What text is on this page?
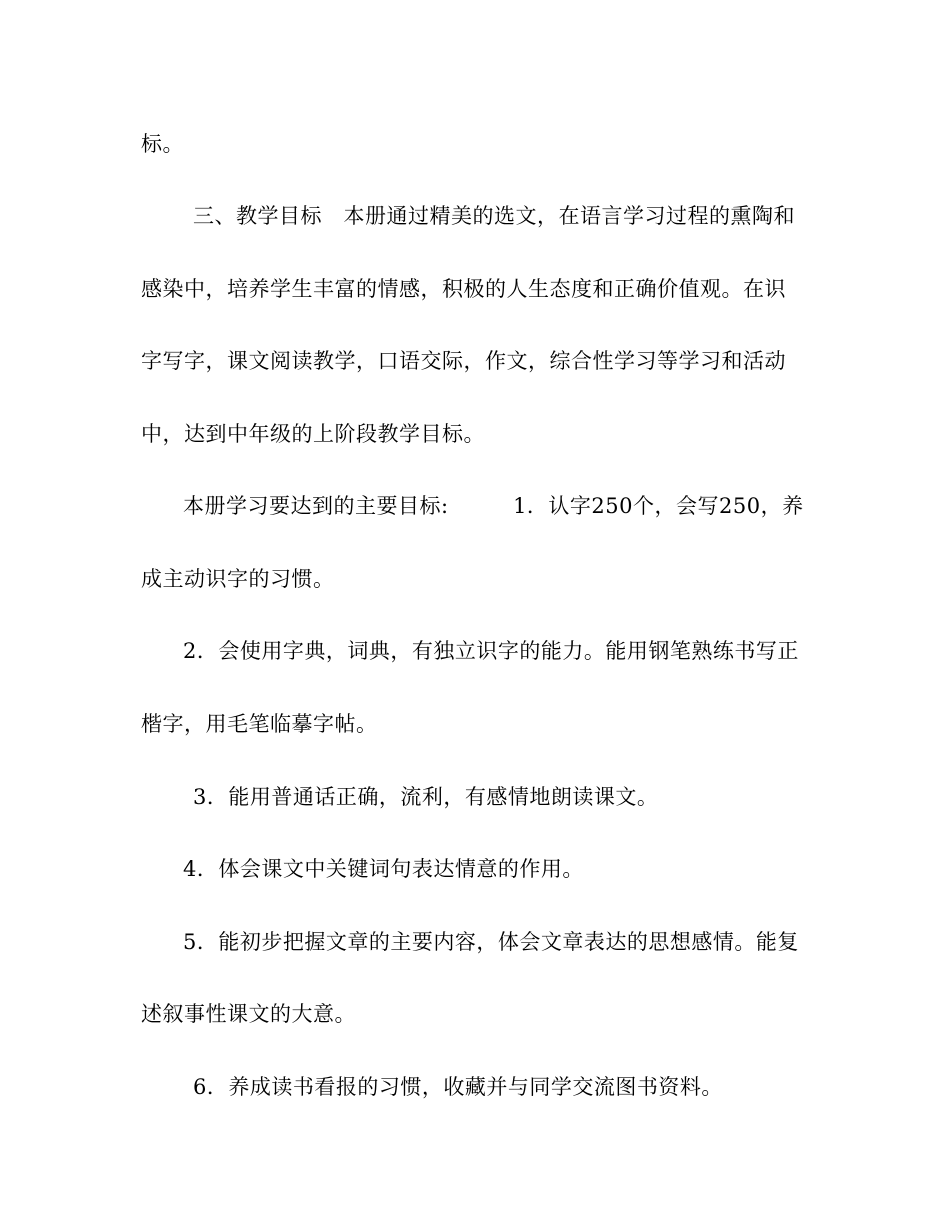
标。
三、教学目标　本册通过精美的选文，在语言学习过程的熏陶和
感染中，培养学生丰富的情感，积极的人生态度和正确价值观。在识
字写字，课文阅读教学，口语交际，作文，综合性学习等学习和活动
中，达到中年级的上阶段教学目标。
本册学习要达到的主要目标:　　　1．认字250个，会写250，养
成主动识字的习惯。
2．会使用字典，词典，有独立识字的能力。能用钢笔熟练书写正
楷字，用毛笔临摹字帖。
3．能用普通话正确，流利，有感情地朗读课文。
4．体会课文中关键词句表达情意的作用。
5．能初步把握文章的主要内容，体会文章表达的思想感情。能复
述叙事性课文的大意。
6．养成读书看报的习惯，收藏并与同学交流图书资料。
